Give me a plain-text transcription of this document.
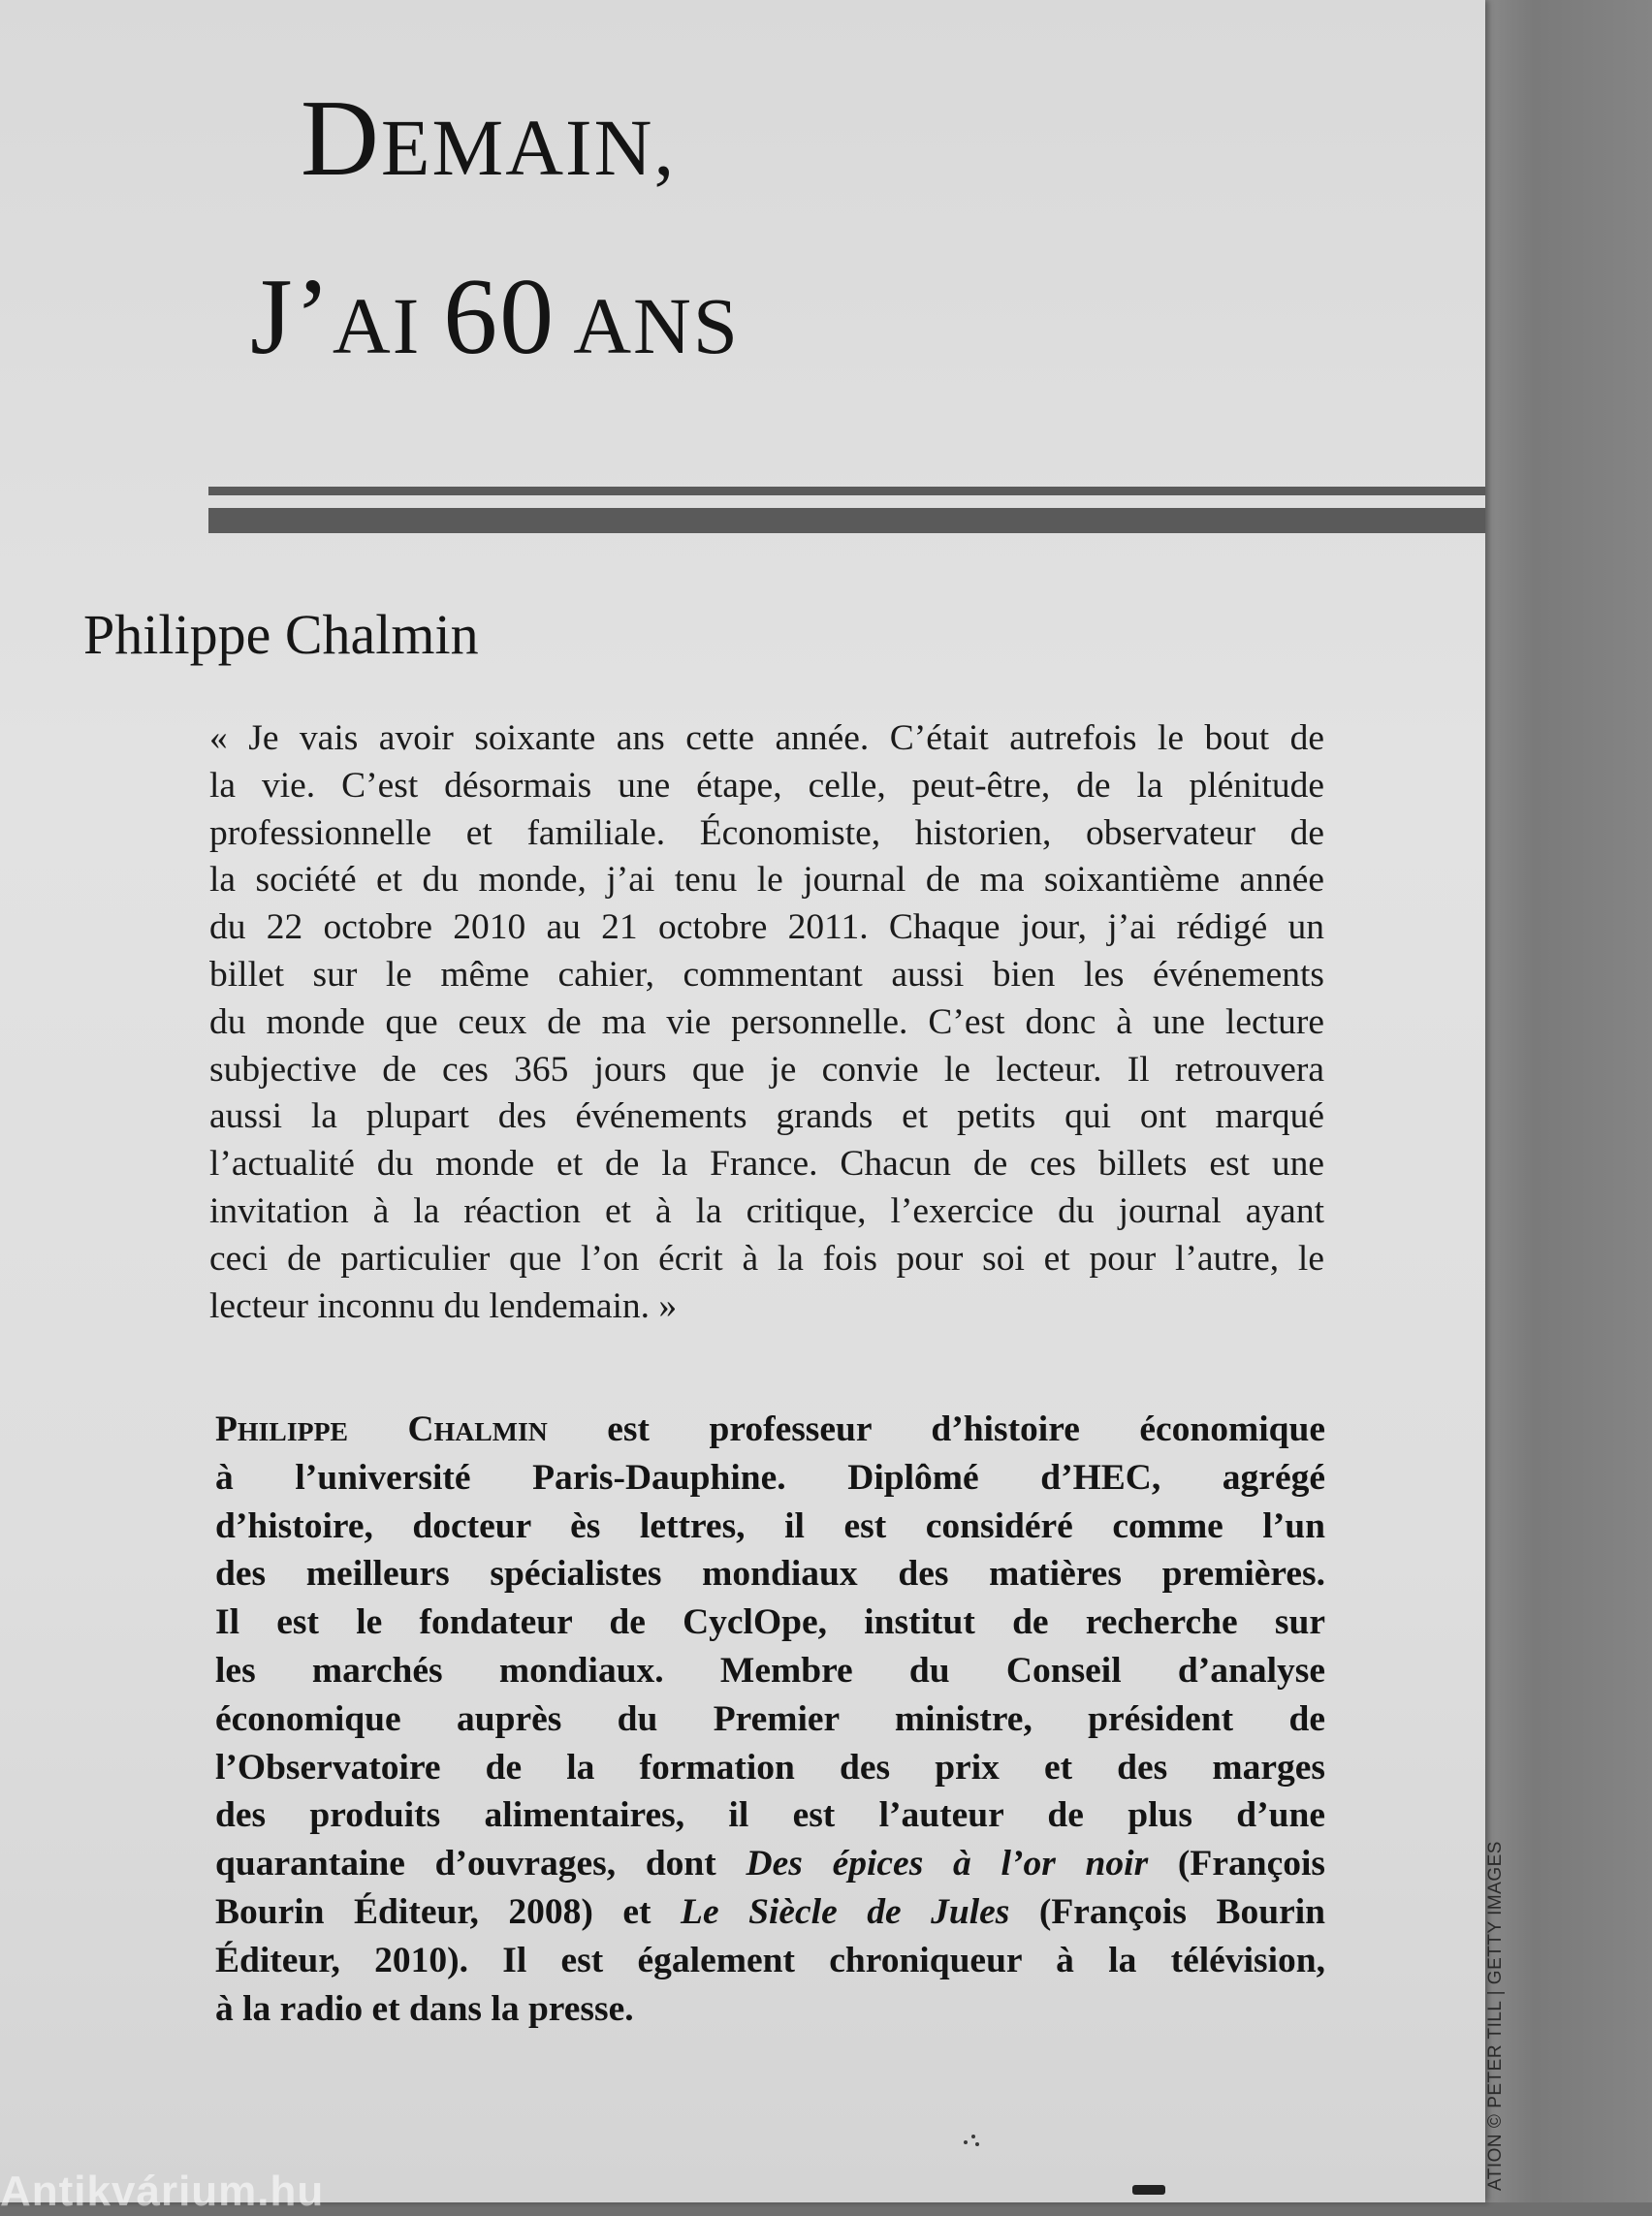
DEMAIN,
J’AI 60 ANS
Philippe Chalmin
« Je vais avoir soixante ans cette année. C’était autrefois le bout de
la vie. C’est désormais une étape, celle, peut-être, de la plénitude
professionnelle et familiale. Économiste, historien, observateur de
la société et du monde, j’ai tenu le journal de ma soixantième année
du 22 octobre 2010 au 21 octobre 2011. Chaque jour, j’ai rédigé un
billet sur le même cahier, commentant aussi bien les événements
du monde que ceux de ma vie personnelle. C’est donc à une lecture
subjective de ces 365 jours que je convie le lecteur. Il retrouvera
aussi la plupart des événements grands et petits qui ont marqué
l’actualité du monde et de la France. Chacun de ces billets est une
invitation à la réaction et à la critique, l’exercice du journal ayant
ceci de particulier que l’on écrit à la fois pour soi et pour l’autre, le
lecteur inconnu du lendemain. »
PHILIPPE CHALMIN est professeur d’histoire économique
à l’université Paris-Dauphine. Diplômé d’HEC, agrégé
d’histoire, docteur ès lettres, il est considéré comme l’un
des meilleurs spécialistes mondiaux des matières premières.
Il est le fondateur de CyclOpe, institut de recherche sur
les marchés mondiaux. Membre du Conseil d’analyse
économique auprès du Premier ministre, président de
l’Observatoire de la formation des prix et des marges
des produits alimentaires, il est l’auteur de plus d’une
quarantaine d’ouvrages, dont Des épices à l’or noir (François
Bourin Éditeur, 2008) et Le Siècle de Jules (François Bourin
Éditeur, 2010). Il est également chroniqueur à la télévision,
à la radio et dans la presse.	ATION © PETER TILL | GETTY IMAGES
Antikvárium.hu
